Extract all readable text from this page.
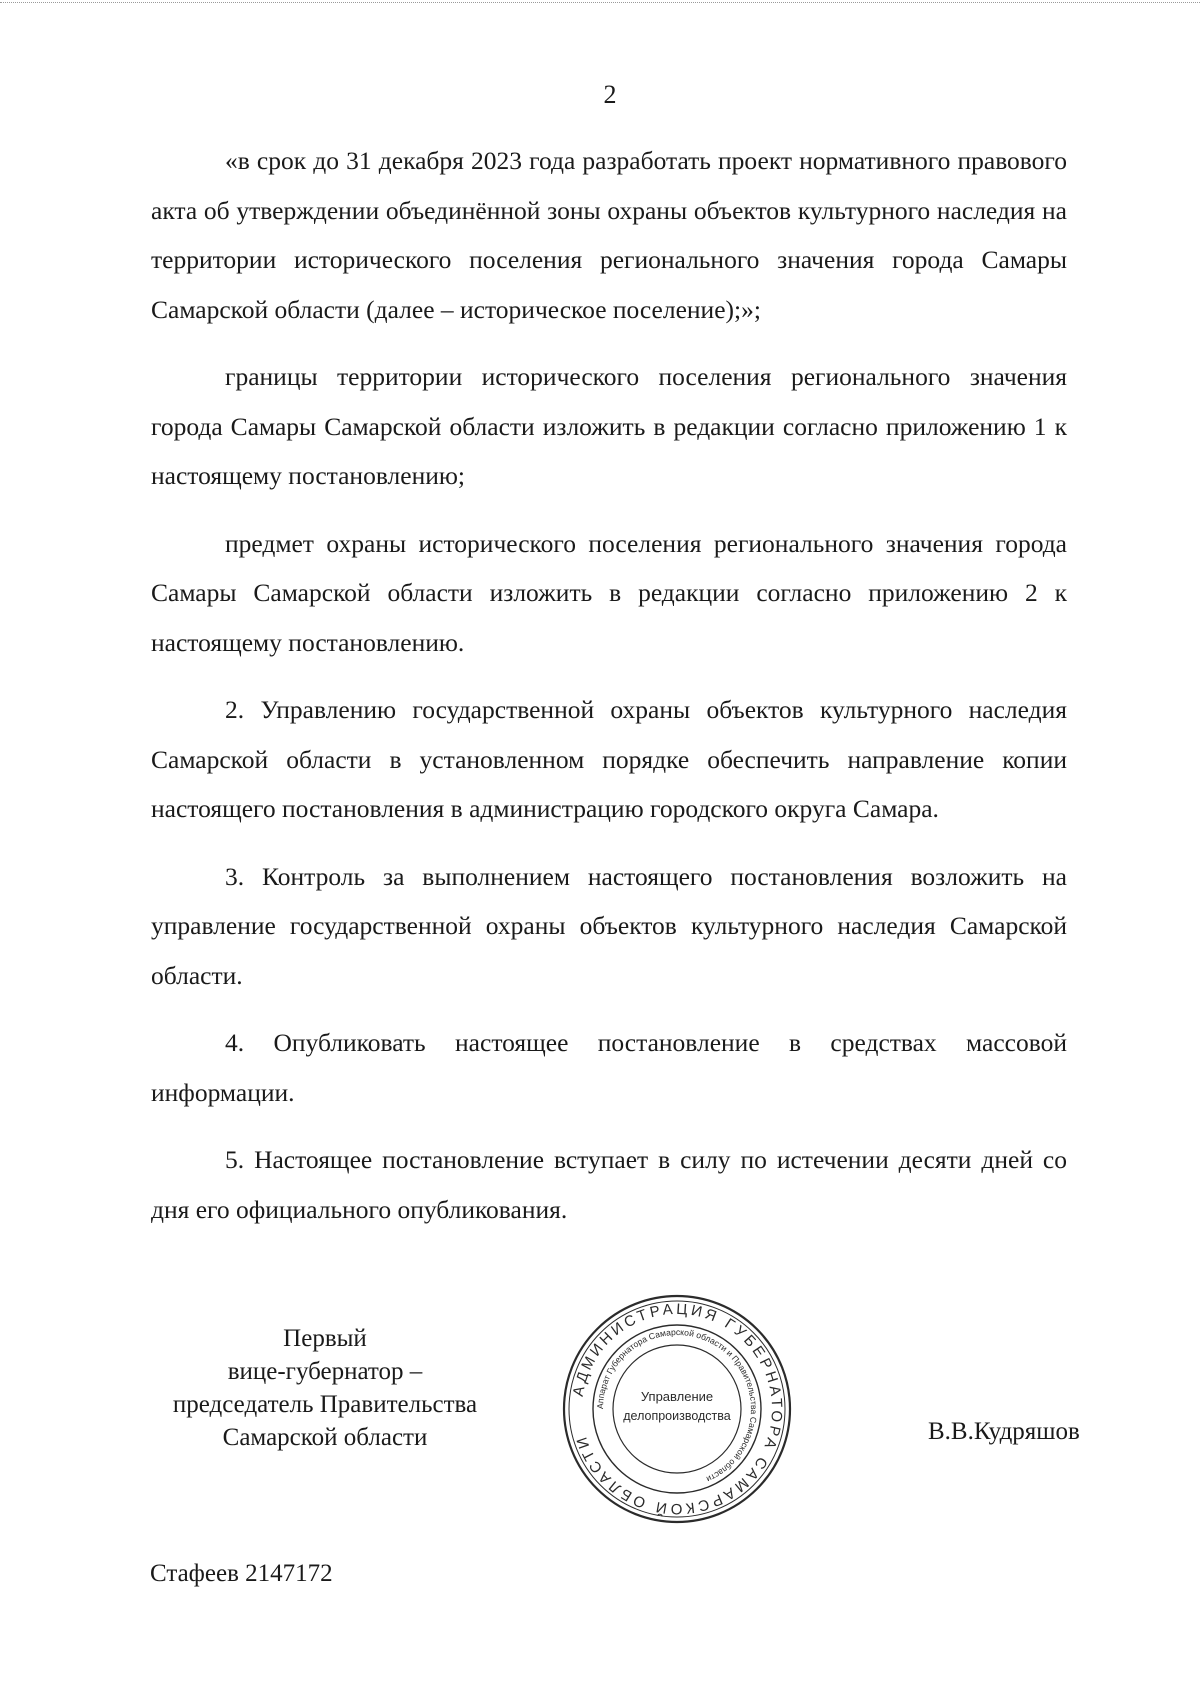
2

«в срок до 31 декабря 2023 года разработать проект нормативного правового акта об утверждении объединённой зоны охраны объектов культурного наследия на территории исторического поселения регионального значения города Самары Самарской области (далее – историческое поселение);»;

границы территории исторического поселения регионального значения города Самары Самарской области изложить в редакции согласно приложению 1 к настоящему постановлению;

предмет охраны исторического поселения регионального значения города Самары Самарской области изложить в редакции согласно приложению 2 к настоящему постановлению.

2. Управлению государственной охраны объектов культурного наследия Самарской области в установленном порядке обеспечить направление копии настоящего постановления в администрацию городского округа Самара.

3. Контроль за выполнением настоящего постановления возложить на управление государственной охраны объектов культурного наследия Самарской области.

4. Опубликовать настоящее постановление в средствах массовой информации.

5. Настоящее постановление вступает в силу по истечении десяти дней со дня его официального опубликования.

Первый
вице-губернатор –
председатель Правительства
Самарской области
АДМИНИСТРАЦИЯ ГУБЕРНАТОРА САМАРСКОЙ ОБЛАСТИ
Аппарат Губернатора Самарской области и Правительства Самарской области
Управление
делопроизводства
В.В.Кудряшов
Стафеев 2147172
